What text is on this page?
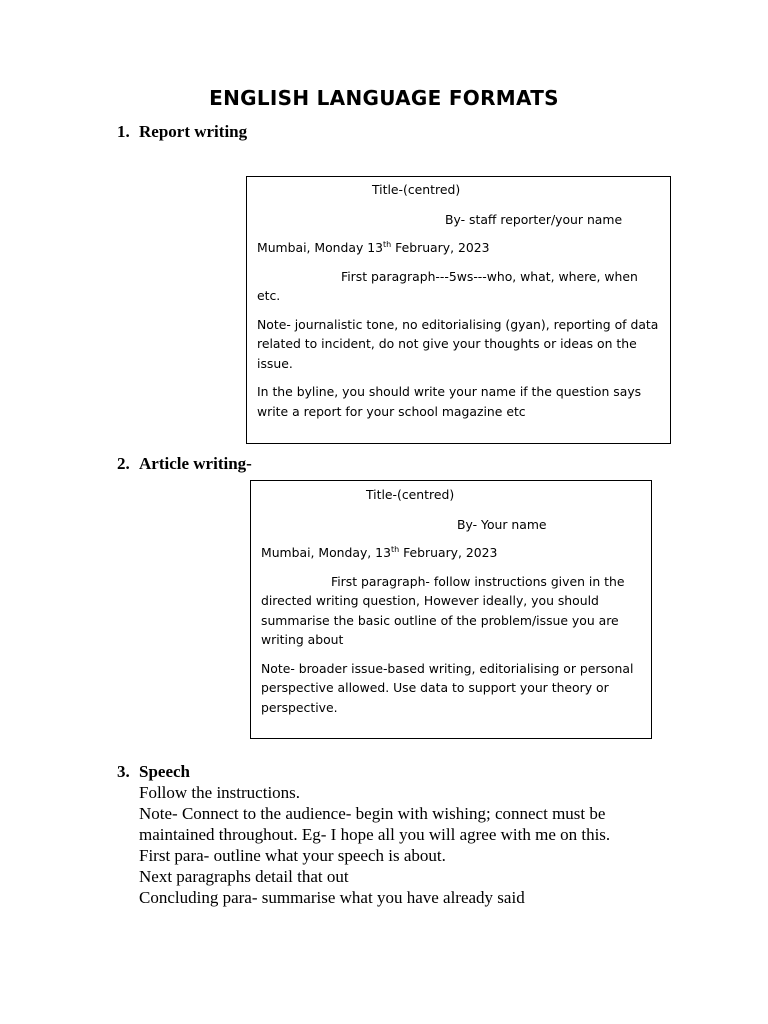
ENGLISH LANGUAGE FORMATS
1. Report writing

Title-(centred)

By- staff reporter/your name

Mumbai, Monday 13th February, 2023

First paragraph---5ws---who, what, where, when etc.

Note- journalistic tone, no editorialising (gyan), reporting of data related to incident, do not give your thoughts or ideas on the issue.

In the byline, you should write your name if the question says write a report for your school magazine etc

2. Article writing-

Title-(centred)

By- Your name

Mumbai, Monday, 13th February, 2023

First paragraph- follow instructions given in the directed writing question, However ideally, you should summarise the basic outline of the problem/issue you are writing about

Note- broader issue-based writing, editorialising or personal perspective allowed. Use data to support your theory or perspective.

3. Speech

Follow the instructions.

Note- Connect to the audience- begin with wishing; connect must be maintained throughout. Eg- I hope all you will agree with me on this.

First para- outline what your speech is about.

Next paragraphs detail that out

Concluding para- summarise what you have already said
